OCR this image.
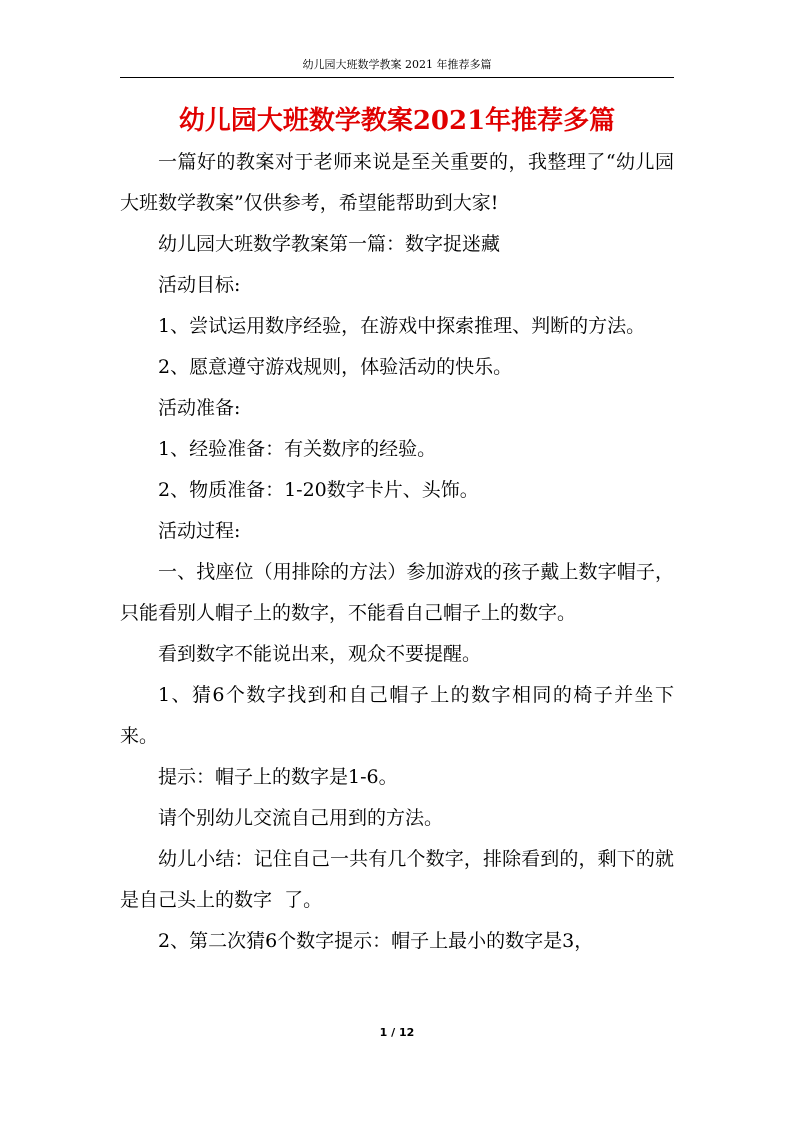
幼儿园大班数学教案 2021 年推荐多篇
幼儿园大班数学教案2021年推荐多篇

一篇好的教案对于老师来说是至关重要的，我整理了“幼儿园大班数学教案”仅供参考，希望能帮助到大家!

幼儿园大班数学教案第一篇：数字捉迷藏

活动目标:

1、尝试运用数序经验，在游戏中探索推理、判断的方法。

2、愿意遵守游戏规则，体验活动的快乐。

活动准备:

1、经验准备：有关数序的经验。

2、物质准备：1-20数字卡片、头饰。

活动过程:

一、找座位（用排除的方法）参加游戏的孩子戴上数字帽子，只能看别人帽子上的数字，不能看自己帽子上的数字。

看到数字不能说出来，观众不要提醒。

1、猜6个数字找到和自己帽子上的数字相同的椅子并坐下来。

提示：帽子上的数字是1-6。

请个别幼儿交流自己用到的方法。

幼儿小结：记住自己一共有几个数字，排除看到的，剩下的就是自己头上的数字  了。

2、第二次猜6个数字提示：帽子上最小的数字是3，

1 / 12
